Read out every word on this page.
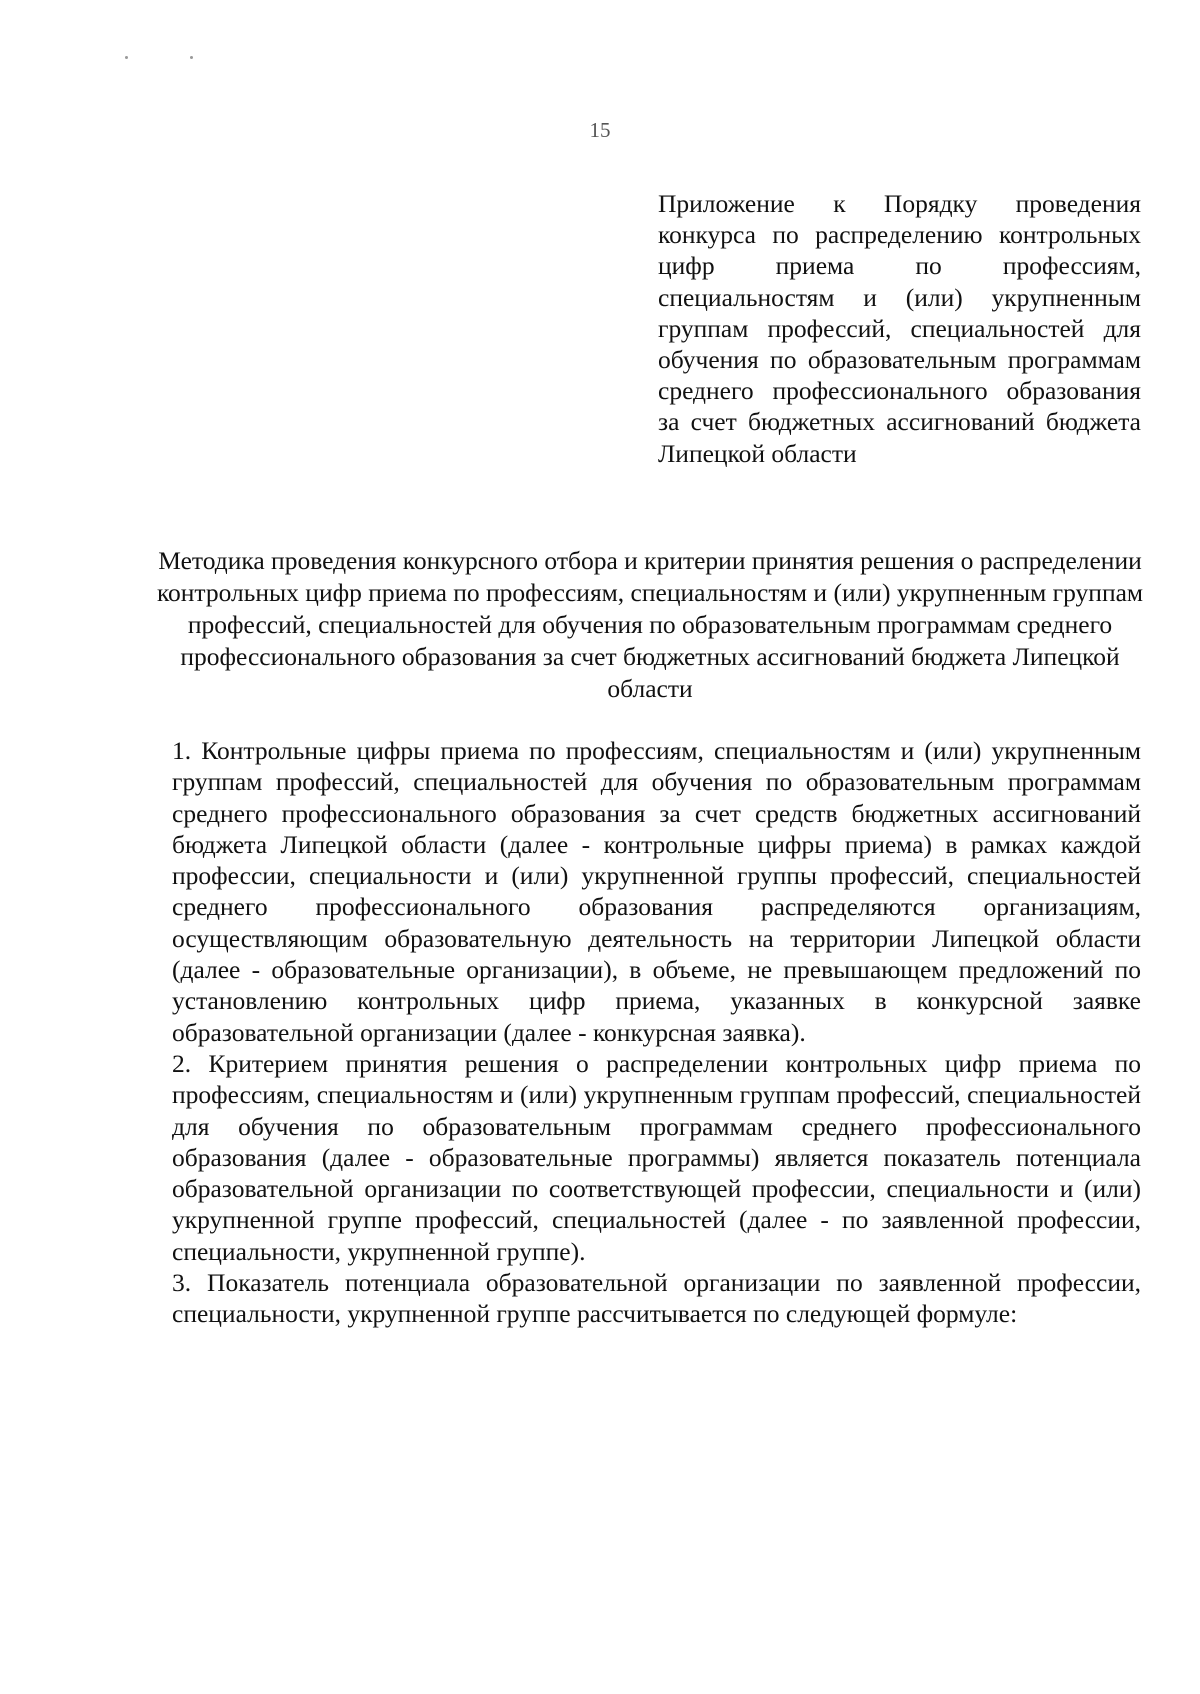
15
Приложение к Порядку проведения конкурса по распределению контрольных цифр приема по профессиям, специальностям и (или) укрупненным группам профессий, специальностей для обучения по образовательным программам среднего профессионального образования за счет бюджетных ассигнований бюджета
Липецкой области
Методика проведения конкурсного отбора и критерии принятия решения о распределении контрольных цифр приема по профессиям, специальностям и (или) укрупненным группам профессий, специальностей для обучения по образовательным программам среднего профессионального образования за счет бюджетных ассигнований бюджета Липецкой области

1. Контрольные цифры приема по профессиям, специальностям и (или) укрупненным группам профессий, специальностей для обучения по образовательным программам среднего профессионального образования за счет средств бюджетных ассигнований бюджета Липецкой области (далее - контрольные цифры приема) в рамках каждой профессии, специальности и (или) укрупненной группы профессий, специальностей среднего профессионального образования распределяются организациям, осуществляющим образовательную деятельность на территории Липецкой области (далее - образовательные организации), в объеме, не превышающем предложений по установлению контрольных цифр приема, указанных в конкурсной заявке образовательной организации (далее - конкурсная заявка).

2. Критерием принятия решения о распределении контрольных цифр приема по профессиям, специальностям и (или) укрупненным группам профессий, специальностей для обучения по образовательным программам среднего профессионального образования (далее - образовательные программы) является показатель потенциала образовательной организации по соответствующей профессии, специальности и (или) укрупненной группе профессий, специальностей (далее - по заявленной профессии, специальности, укрупненной группе).

3. Показатель потенциала образовательной организации по заявленной профессии, специальности, укрупненной группе рассчитывается по следующей формуле:
